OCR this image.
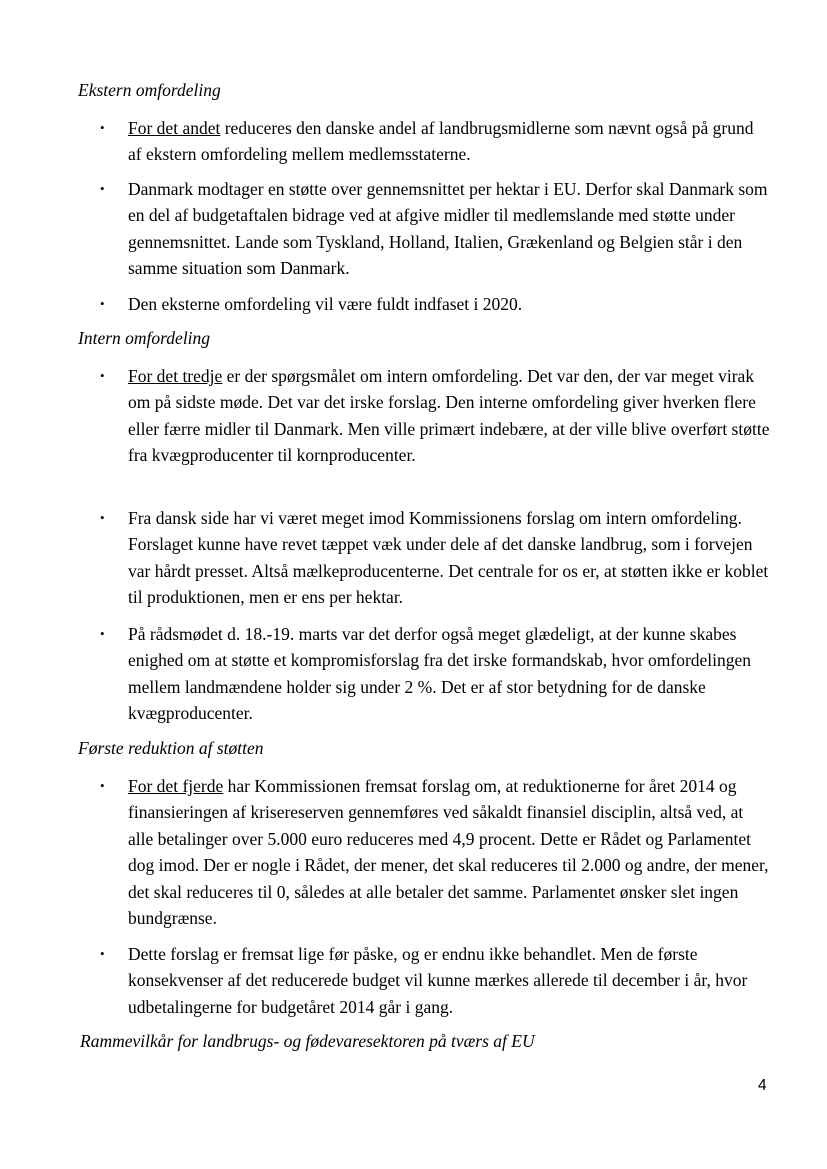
Ekstern omfordeling
• For det andet reduceres den danske andel af landbrugsmidlerne som nævnt også på grund af ekstern omfordeling mellem medlemsstaterne.
• Danmark modtager en støtte over gennemsnittet per hektar i EU. Derfor skal Danmark som en del af budgetaftalen bidrage ved at afgive midler til medlemslande med støtte under gennemsnittet. Lande som Tyskland, Holland, Italien, Grækenland og Belgien står i den samme situation som Danmark.
• Den eksterne omfordeling vil være fuldt indfaset i 2020.
Intern omfordeling
• For det tredje er der spørgsmålet om intern omfordeling. Det var den, der var meget virak om på sidste møde. Det var det irske forslag. Den interne omfordeling giver hverken flere eller færre midler til Danmark. Men ville primært indebære, at der ville blive overført støtte fra kvægproducenter til kornproducenter.
• Fra dansk side har vi været meget imod Kommissionens forslag om intern omfordeling. Forslaget kunne have revet tæppet væk under dele af det danske landbrug, som i forvejen var hårdt presset. Altså mælkeproducenterne. Det centrale for os er, at støtten ikke er koblet til produktionen, men er ens per hektar.
• På rådsmødet d. 18.-19. marts var det derfor også meget glædeligt, at der kunne skabes enighed om at støtte et kompromisforslag fra det irske formandskab, hvor omfordelingen mellem landmændene holder sig under 2 %. Det er af stor betydning for de danske kvægproducenter.
Første reduktion af støtten
• For det fjerde har Kommissionen fremsat forslag om, at reduktionerne for året 2014 og finansieringen af krisereserven gennemføres ved såkaldt finansiel disciplin, altså ved, at alle betalinger over 5.000 euro reduceres med 4,9 procent. Dette er Rådet og Parlamentet dog imod. Der er nogle i Rådet, der mener, det skal reduceres til 2.000 og andre, der mener, det skal reduceres til 0, således at alle betaler det samme. Parlamentet ønsker slet ingen bundgrænse.
• Dette forslag er fremsat lige før påske, og er endnu ikke behandlet. Men de første konsekvenser af det reducerede budget vil kunne mærkes allerede til december i år, hvor udbetalingerne for budgetåret 2014 går i gang.
Rammevilkår for landbrugs- og fødevaresektoren på tværs af EU
4
